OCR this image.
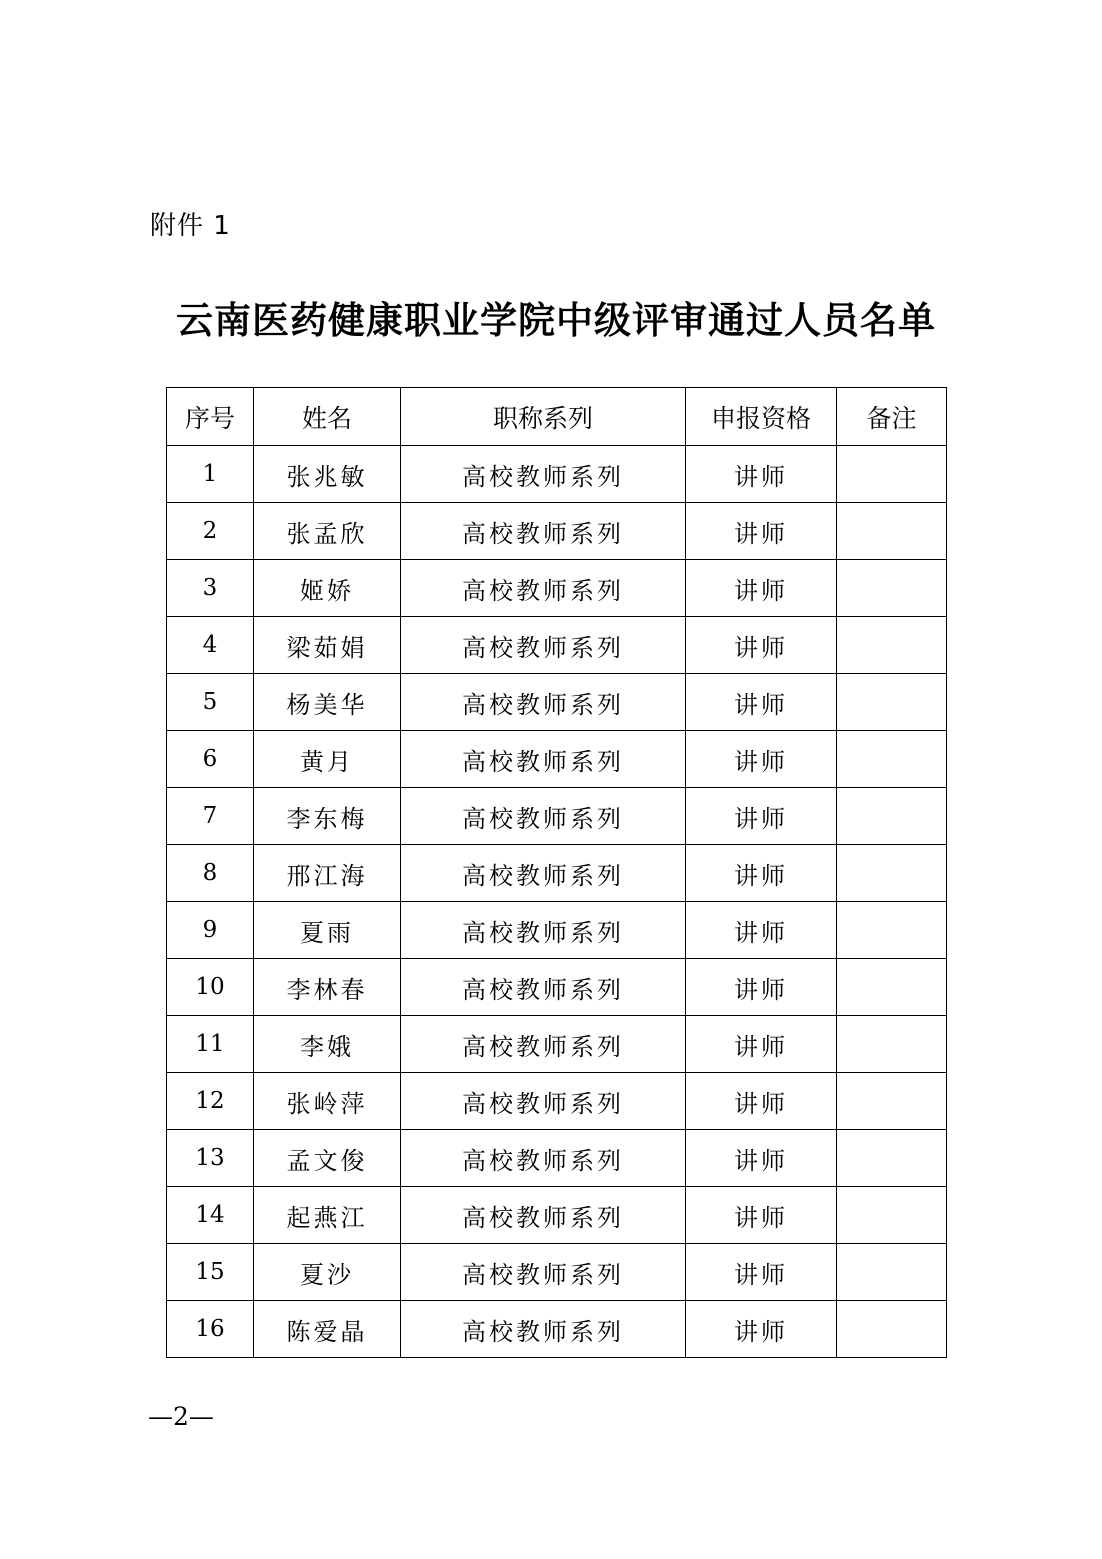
附件 1
云南医药健康职业学院中级评审通过人员名单
序号	姓名	职称系列	申报资格	备注
1	张兆敏	高校教师系列	讲师	
2	张孟欣	高校教师系列	讲师	
3	姬娇	高校教师系列	讲师	
4	梁茹娟	高校教师系列	讲师	
5	杨美华	高校教师系列	讲师	
6	黄月	高校教师系列	讲师	
7	李东梅	高校教师系列	讲师	
8	邢江海	高校教师系列	讲师	
9	夏雨	高校教师系列	讲师	
10	李林春	高校教师系列	讲师	
11	李娥	高校教师系列	讲师	
12	张岭萍	高校教师系列	讲师	
13	孟文俊	高校教师系列	讲师	
14	起燕江	高校教师系列	讲师	
15	夏沙	高校教师系列	讲师	
16	陈爱晶	高校教师系列	讲师	
—2—
